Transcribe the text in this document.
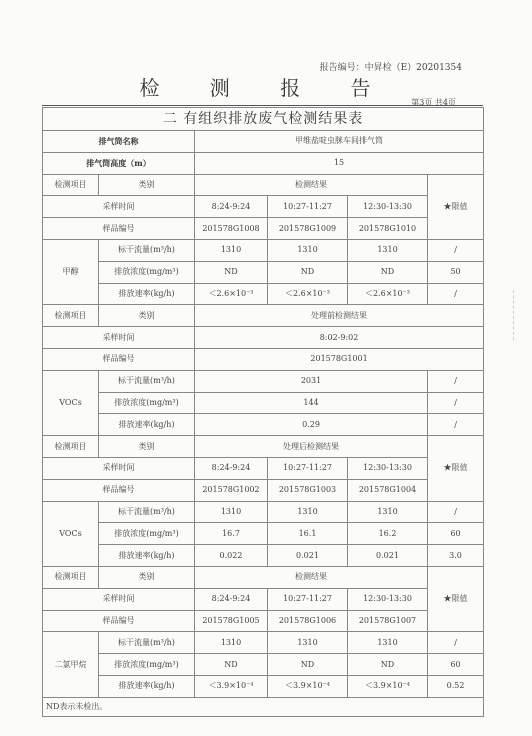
报告编号：中昇检（E）20201354
检 测 报 告
第3页 共4页
二 有组织排放废气检测结果表					
排气筒名称		甲维盐啶虫脒车间排气筒			
排气筒高度（m）		15			
检测项目	类别	检测结果			★限值
采样时间		8:24-9:24	10:27-11:27	12:30-13:30	
样品编号		201578G1008	201578G1009	201578G1010	
甲醇	标干流量(m³/h)	1310	1310	1310	/
	排放浓度(mg/m³)	ND	ND	ND	50
	排放速率(kg/h)	＜2.6×10⁻³	＜2.6×10⁻³	＜2.6×10⁻³	/
检测项目	类别	处理前检测结果			
采样时间		8:02-9:02			
样品编号		201578G1001			
VOCs	标干流量(m³/h)	2031			/
	排放浓度(mg/m³)	144			/
	排放速率(kg/h)	0.29			/
检测项目	类别	处理后检测结果			★限值
采样时间		8:24-9:24	10:27-11:27	12:30-13:30	
样品编号		201578G1002	201578G1003	201578G1004	
VOCs	标干流量(m³/h)	1310	1310	1310	/
	排放浓度(mg/m³)	16.7	16.1	16.2	60
	排放速率(kg/h)	0.022	0.021	0.021	3.0
检测项目	类别	检测结果			★限值
采样时间		8:24-9:24	10:27-11:27	12:30-13:30	
样品编号		201578G1005	201578G1006	201578G1007	
二氯甲烷	标干流量(m³/h)	1310	1310	1310	/
	排放浓度(mg/m³)	ND	ND	ND	60
	排放速率(kg/h)	＜3.9×10⁻⁴	＜3.9×10⁻⁴	＜3.9×10⁻⁴	0.52
ND表示未检出。					
